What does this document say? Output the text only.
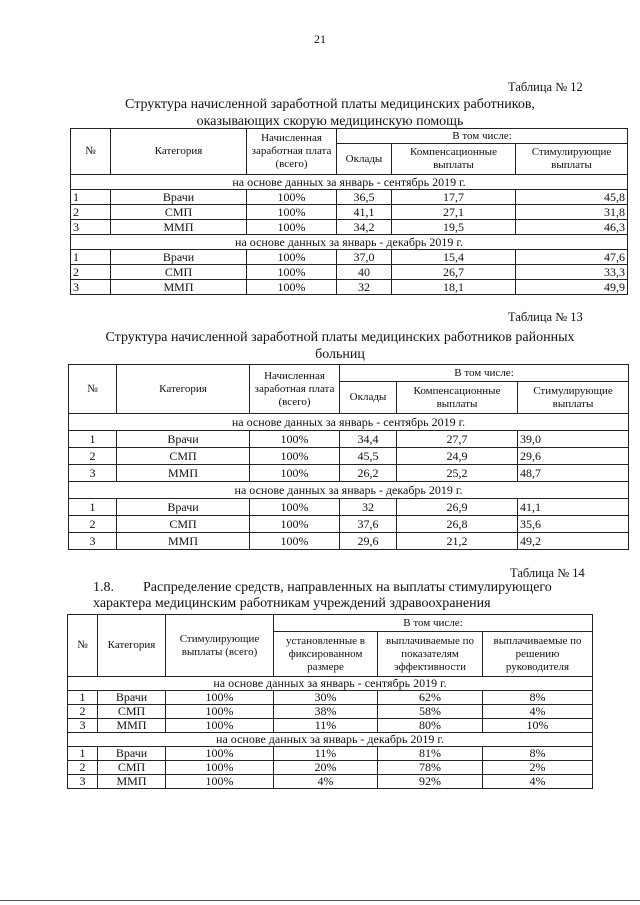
21
Таблица № 12
Структура начисленной заработной платы медицинских работников,
оказывающих скорую медицинскую помощь
№	Категория	Начисленная заработная плата (всего)	В том числе:		
			Оклады	Компенсационные выплаты	Стимулирующие выплаты
на основе данных за январь - сентябрь 2019 г.					
1	Врачи	100%	36,5	17,7	45,8
2	СМП	100%	41,1	27,1	31,8
3	ММП	100%	34,2	19,5	46,3
на основе данных за январь - декабрь 2019 г.					
1	Врачи	100%	37,0	15,4	47,6
2	СМП	100%	40	26,7	33,3
3	ММП	100%	32	18,1	49,9
Таблица № 13
Структура начисленной заработной платы медицинских работников районных
больниц
№	Категория	Начисленная заработная плата (всего)	В том числе:		
			Оклады	Компенсационные выплаты	Стимулирующие выплаты
на основе данных за январь - сентябрь 2019 г.					
1	Врачи	100%	34,4	27,7	39,0
2	СМП	100%	45,5	24,9	29,6
3	ММП	100%	26,2	25,2	48,7
на основе данных за январь - декабрь 2019 г.					
1	Врачи	100%	32	26,9	41,1
2	СМП	100%	37,6	26,8	35,6
3	ММП	100%	29,6	21,2	49,2
1.8. Распределение средств, направленных на выплаты стимулирующего характера медицинским работникам учреждений здравоохранения
Таблица № 14
№	Категория	Стимулирующие выплаты (всего)	В том числе:		
			установленные в фиксированном размере	выплачиваемые по показателям эффективности	выплачиваемые по решению руководителя
на основе данных за январь - сентябрь 2019 г.					
1	Врачи	100%	30%	62%	8%
2	СМП	100%	38%	58%	4%
3	ММП	100%	11%	80%	10%
на основе данных за январь - декабрь 2019 г.					
1	Врачи	100%	11%	81%	8%
2	СМП	100%	20%	78%	2%
3	ММП	100%	4%	92%	4%
